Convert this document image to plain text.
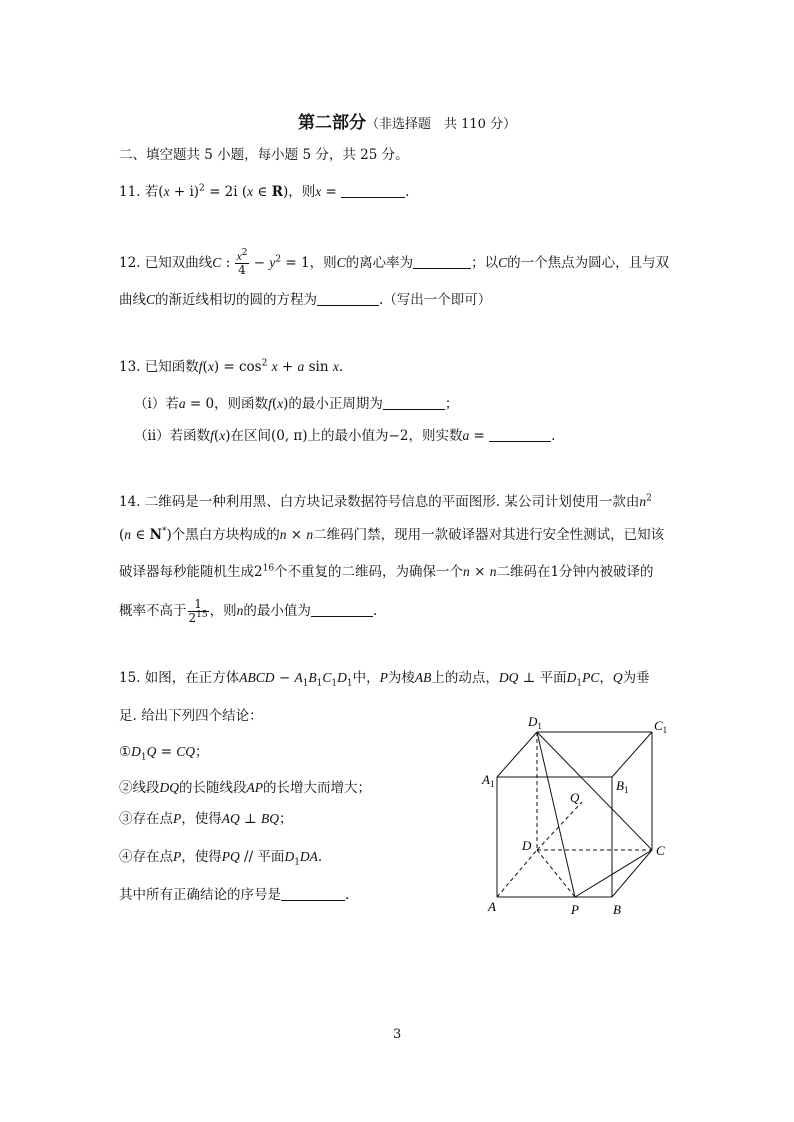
第二部分（非选择题　共 110 分）
二、填空题共 5 小题，每小题 5 分，共 25 分。
11. 若$(x + i)^2 = 2i$ (x ∈ R)，则x =	.
12. 已知双曲线C : $\frac{x^2}{4} - y^2 = 1$，则C的离心率为	；以C的一个焦点为圆心，且与双
曲线C的渐近线相切的圆的方程为	.（写出一个即可）
13. 已知函数$f(x) = \cos^2 x + a$ sin x.
（ⅰ）若a = 0，则函数f(x)的最小正周期为	；
（ⅱ）若函数f(x)在区间(0, π)上的最小值为−2，则实数a =	.
14. 二维码是一种利用黑、白方块记录数据符号信息的平面图形. 某公司计划使用一款由$n^2$
(n ∈ N*)个黑白方块构成的n × n二维码门禁，现用一款破译器对其进行安全性测试，已知该
破译器每秒能随机生成$2^{16}$个不重复的二维码，为确保一个n × n二维码在1分钟内被破译的
概率不高于 $\frac{1}{2^{15}}$ ，则n的最小值为	.
15. 如图，在正方体ABCD − $A_1B_1C_1D_1$中，P为棱AB上的动点，DQ ⊥ 平面$D_1PC$，Q为垂
足. 给出下列四个结论：
$①D_1Q$ = CQ；
②线段DQ的长随线段AP的长增大而增大；
③存在点P，使得AQ ⊥ BQ；
④存在点P，使得PQ // 平面$D_1DA$.
其中所有正确结论的序号是	.
$D_1$	$C_1$
$A_1$	$B_1$
Q
D	C
A	P	B
3
